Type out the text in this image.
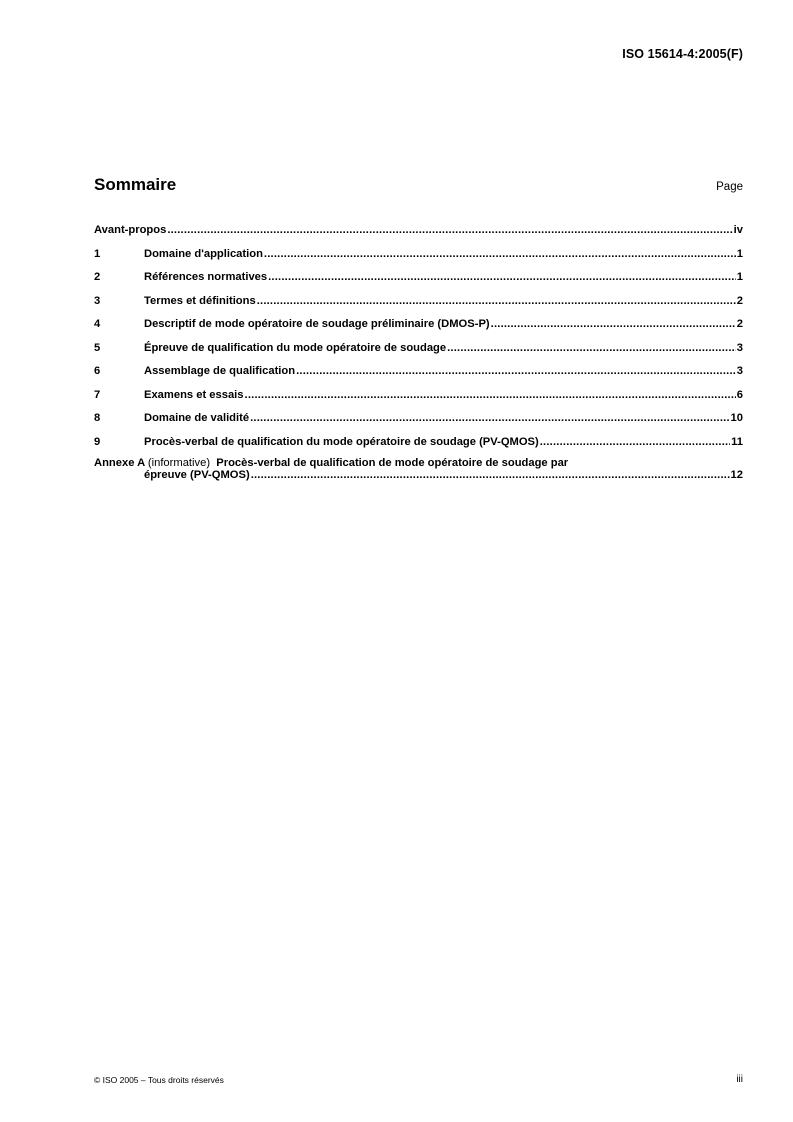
ISO 15614-4:2005(F)
Sommaire	Page
Avant-propos .....	iv
1	Domaine d'application .....	1
2	Références normatives .....	1
3	Termes et définitions .....	2
4	Descriptif de mode opératoire de soudage préliminaire (DMOS-P) .....	2
5	Épreuve de qualification du mode opératoire de soudage .....	3
6	Assemblage de qualification .....	3
7	Examens et essais .....	6
8	Domaine de validité .....	10
9	Procès-verbal de qualification du mode opératoire de soudage (PV-QMOS) .....	11
Annexe A (informative) Procès-verbal de qualification de mode opératoire de soudage par
épreuve (PV-QMOS) .....	12
© ISO 2005 – Tous droits réservés	iii
